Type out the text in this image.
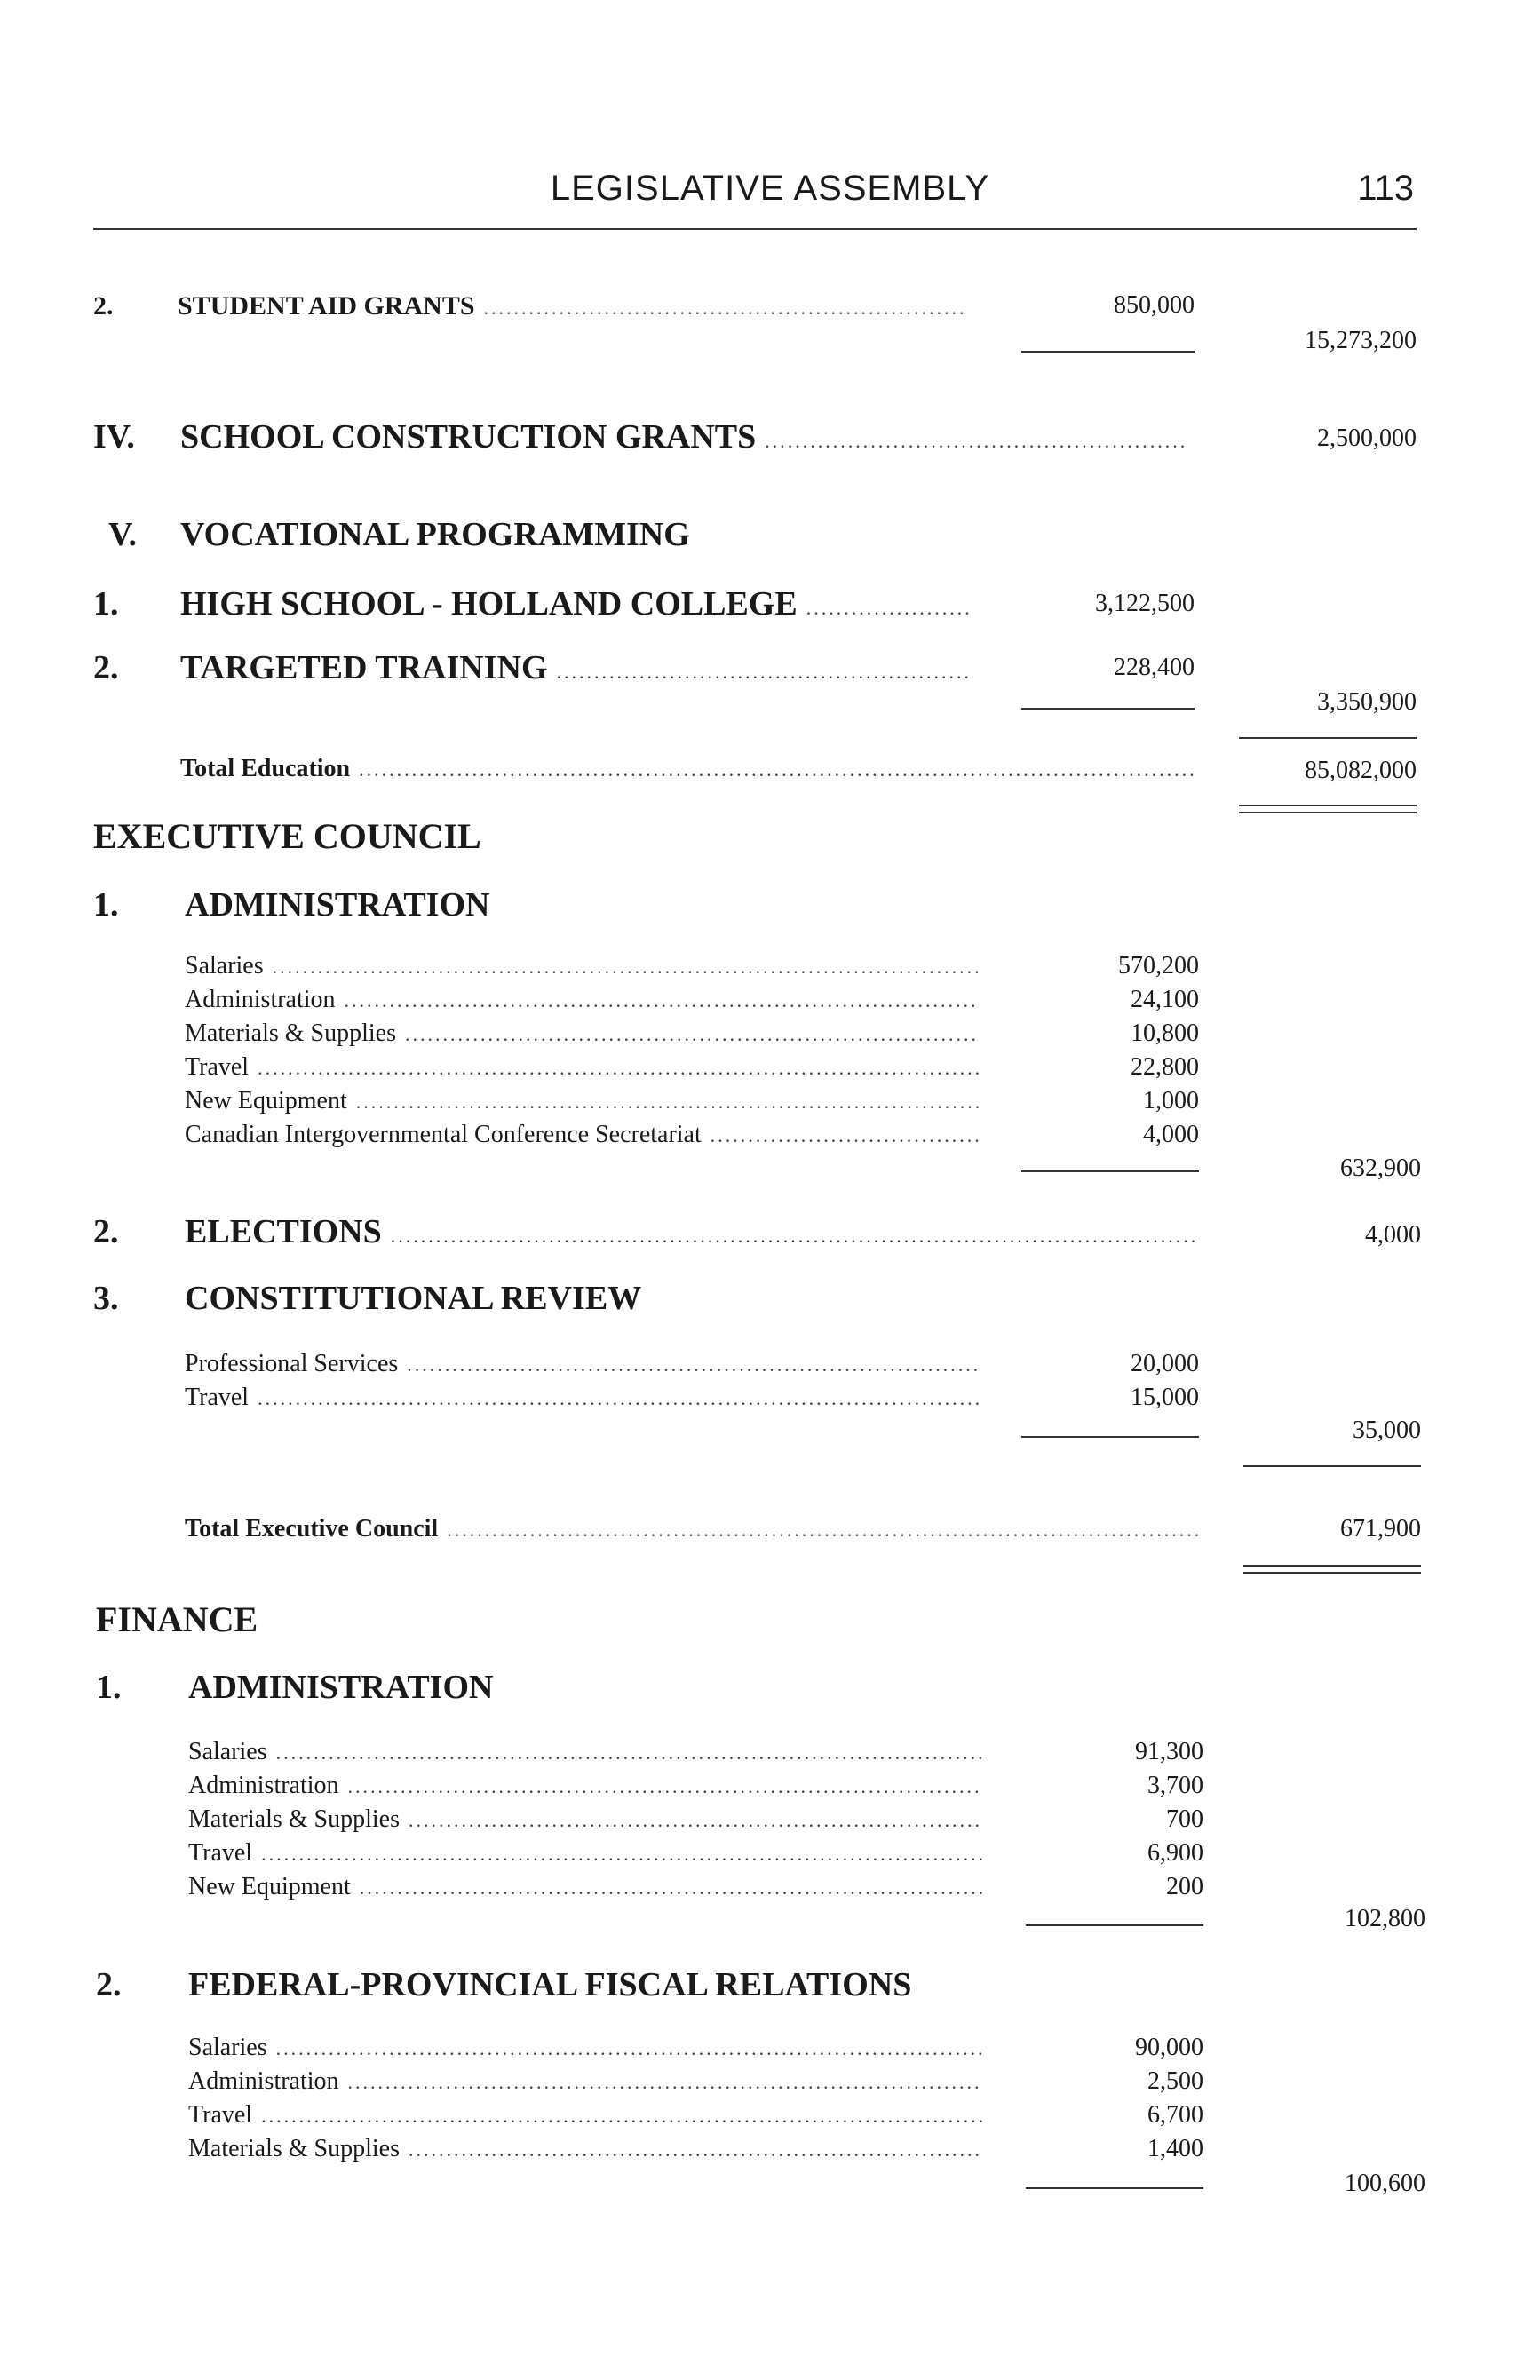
LEGISLATIVE ASSEMBLY	113
2. STUDENT AID GRANTS .....	850,000
15,273,200
IV. SCHOOL CONSTRUCTION GRANTS .....	2,500,000
V. VOCATIONAL PROGRAMMING
1. HIGH SCHOOL - HOLLAND COLLEGE .....	3,122,500
2. TARGETED TRAINING .....	228,400
3,350,900
Total Education .....	85,082,000
EXECUTIVE COUNCIL
1. ADMINISTRATION
Salaries .....	570,200
Administration .....	24,100
Materials & Supplies .....	10,800
Travel .....	22,800
New Equipment .....	1,000
Canadian Intergovernmental Conference Secretariat .....	4,000
632,900
2. ELECTIONS .....	4,000
3. CONSTITUTIONAL REVIEW
Professional Services .....	20,000
Travel .....	15,000
35,000
Total Executive Council .....	671,900
FINANCE
1. ADMINISTRATION
Salaries .....	91,300
Administration .....	3,700
Materials & Supplies .....	700
Travel .....	6,900
New Equipment .....	200
102,800
2. FEDERAL-PROVINCIAL FISCAL RELATIONS
Salaries .....	90,000
Administration .....	2,500
Travel .....	6,700
Materials & Supplies .....	1,400
100,600
